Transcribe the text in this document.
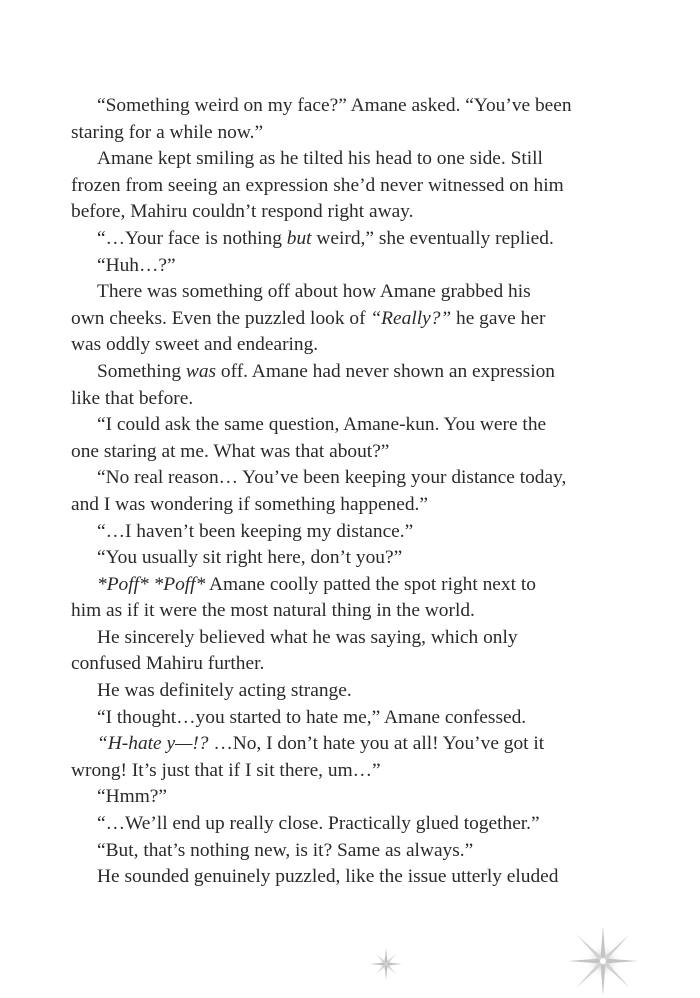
“Something weird on my face?” Amane asked. “You’ve been
staring for a while now.”
Amane kept smiling as he tilted his head to one side. Still
frozen from seeing an expression she’d never witnessed on him
before, Mahiru couldn’t respond right away.
“…Your face is nothing but weird,” she eventually replied.
“Huh…?”
There was something off about how Amane grabbed his
own cheeks. Even the puzzled look of “Really?” he gave her
was oddly sweet and endearing.
Something was off. Amane had never shown an expression
like that before.
“I could ask the same question, Amane-kun. You were the
one staring at me. What was that about?”
“No real reason… You’ve been keeping your distance today,
and I was wondering if something happened.”
“…I haven’t been keeping my distance.”
“You usually sit right here, don’t you?”
*Poff* *Poff* Amane coolly patted the spot right next to
him as if it were the most natural thing in the world.
He sincerely believed what he was saying, which only
confused Mahiru further.
He was definitely acting strange.
“I thought…you started to hate me,” Amane confessed.
“H-hate y—!? …No, I don’t hate you at all! You’ve got it
wrong! It’s just that if I sit there, um…”
“Hmm?”
“…We’ll end up really close. Practically glued together.”
“But, that’s nothing new, is it? Same as always.”
He sounded genuinely puzzled, like the issue utterly eluded
